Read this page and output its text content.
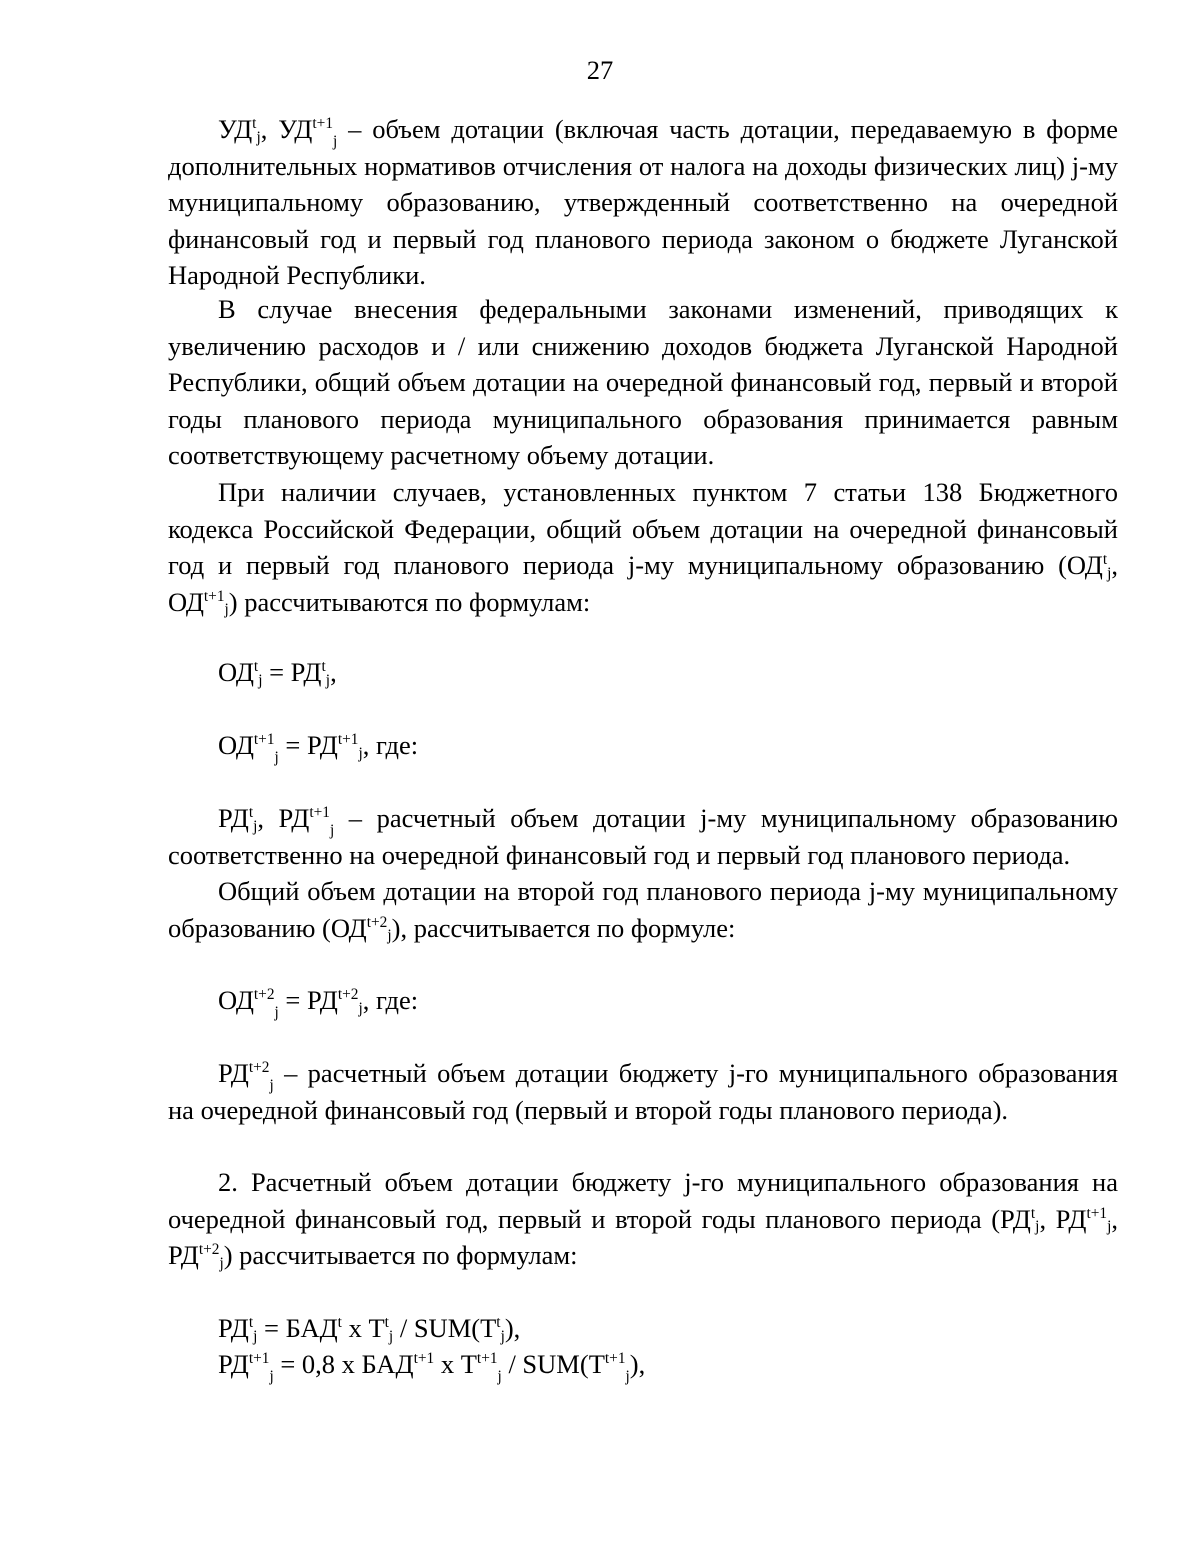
27

$УД^t_j$, $УД^{t+1}_j$ – объем дотации (включая часть дотации, передаваемую в форме дополнительных нормативов отчисления от налога на доходы физических лиц) j-му муниципальному образованию, утвержденный соответственно на очередной финансовый год и первый год планового периода законом о бюджете Луганской Народной Республики.

В случае внесения федеральными законами изменений, приводящих к увеличению расходов и / или снижению доходов бюджета Луганской Народной Республики, общий объем дотации на очередной финансовый год, первый и второй годы планового периода муниципального образования принимается равным соответствующему расчетному объему дотации.

При наличии случаев, установленных пунктом 7 статьи 138 Бюджетного кодекса Российской Федерации, общий объем дотации на очередной финансовый год и первый год планового периода j-му муниципальному образованию ($ОД^t_j$, $ОД^{t+1}_j$) рассчитываются по формулам:

$ОД^t_j = РД^t_j$,

$ОД^{t+1}_j = РД^{t+1}_j$, где:

$РД^t_j$, $РД^{t+1}_j$ – расчетный объем дотации j-му муниципальному образованию соответственно на очередной финансовый год и первый год планового периода.

Общий объем дотации на второй год планового периода j-му муниципальному образованию $(ОД^{t+2}_j)$, рассчитывается по формуле:

$ОД^{t+2}_j = РД^{t+2}_j$, где:

$РД^{t+2}_j$ – расчетный объем дотации бюджету j-го муниципального образования на очередной финансовый год (первый и второй годы планового периода).

2. Расчетный объем дотации бюджету j-го муниципального образования на очередной финансовый год, первый и второй годы планового периода ($РД^t_j$, $РД^{t+1}_j$, $РД^{t+2}_j$) рассчитывается по формулам:

$РД^t_j = БАД^t$ х $Т^t_j / SUM(Т^t_j)$,

$РД^{t+1}_j = 0,8$ х $БАД^{t+1}$ х $Т^{t+1}_j / SUM(Т^{t+1}_j)$,
